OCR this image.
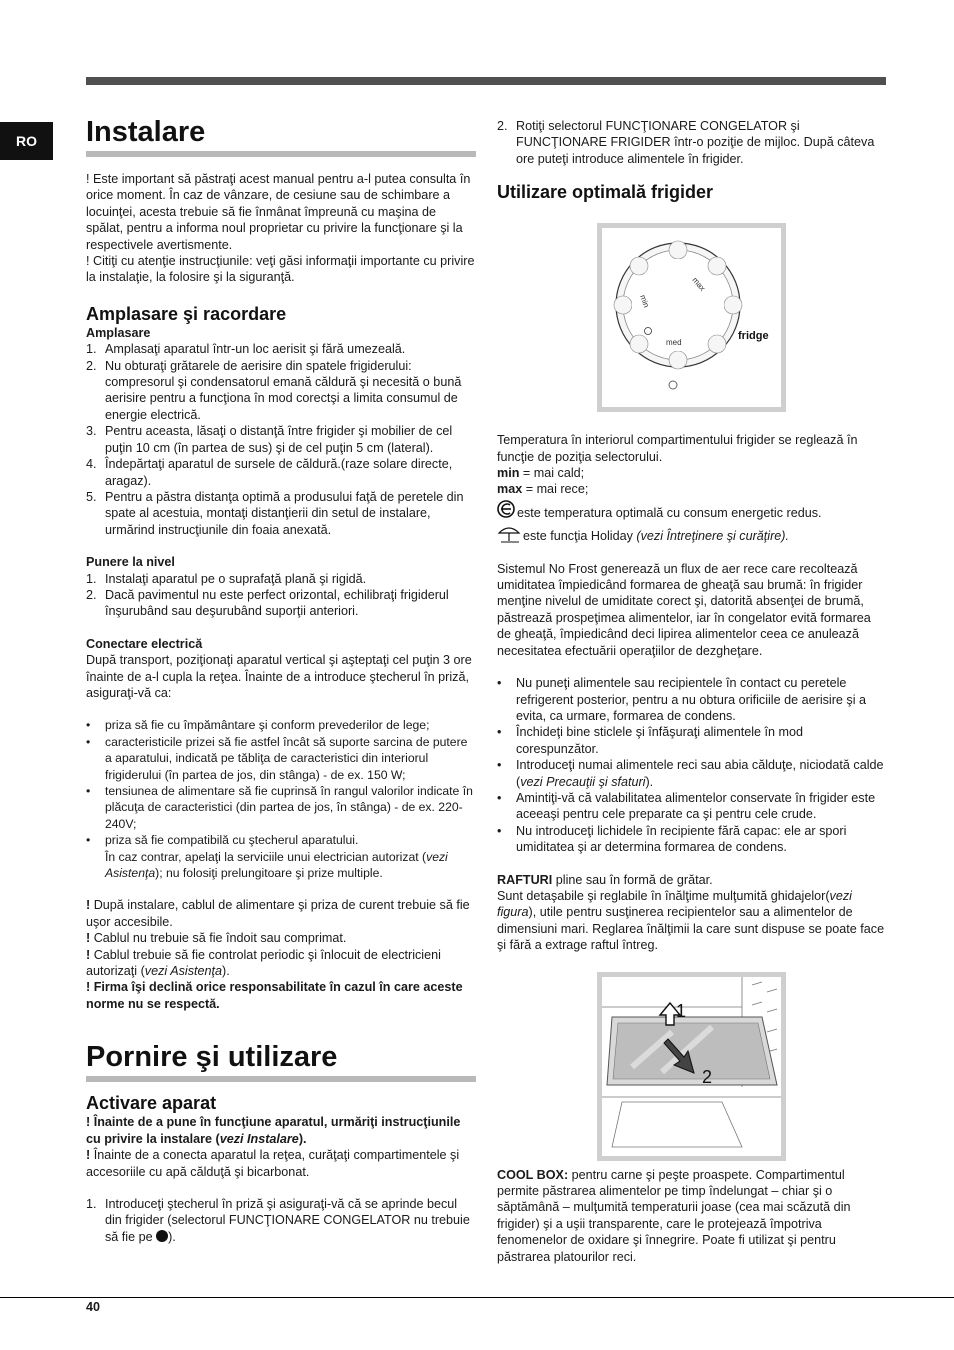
RO	Instalare

! Este important să păstraţi acest manual pentru a-l putea consulta în orice moment. În caz de vânzare, de cesiune sau de schimbare a locuinţei, acesta trebuie să fie înmânat împreună cu maşina de spălat, pentru a informa noul proprietar cu privire la funcţionare şi la respectivele avertismente.

! Citiţi cu atenţie instrucţiunile: veţi găsi informaţii importante cu privire la instalaţie, la folosire şi la siguranţă.

Amplasare şi racordare
Amplasare
1. Amplasaţi aparatul într-un loc aerisit şi fără umezeală.
2. Nu obturaţi grătarele de aerisire din spatele frigiderului: compresorul şi condensatorul emană căldură şi necesită o bună aerisire pentru a funcţiona în mod corectşi a limita consumul de energie electrică.
3. Pentru aceasta, lăsaţi o distanţă între frigider şi mobilier de cel puţin 10 cm (în partea de sus) şi de cel puţin 5 cm (lateral).
4. Îndepărtaţi aparatul de sursele de căldură.(raze solare directe, aragaz).
5. Pentru a păstra distanţa optimă a produsului faţă de peretele din spate al acestuia, montaţi distanţierii din setul de instalare, urmărind instrucţiunile din foaia anexată.
Punere la nivel
1. Instalaţi aparatul pe o suprafaţă plană şi rigidă.
2. Dacă pavimentul nu este perfect orizontal, echilibraţi frigiderul înşurubând sau deşurubând suporţii anteriori.
Conectare electrică

După transport, poziţionaţi aparatul vertical şi aşteptaţi cel puţin 3 ore înainte de a-l cupla la reţea. Înainte de a introduce ştecherul în priză, asiguraţi-vă ca:

• priza să fie cu împământare şi conform prevederilor de lege;
• caracteristicile prizei să fie astfel încât să suporte sarcina de putere a aparatului, indicată pe tăbliţa de caracteristici din interiorul frigiderului (în partea de jos, din stânga) - de ex. 150 W;
• tensiunea de alimentare să fie cuprinsă în rangul valorilor indicate în plăcuţa de caracteristici (din partea de jos, în stânga) - de ex. 220-240V;
• priza să fie compatibilă cu ştecherul aparatului.
În caz contrar, apelaţi la serviciile unui electrician autorizat (vezi Asistenţa); nu folosiţi prelungitoare şi prize multiple.

! După instalare, cablul de alimentare şi priza de curent trebuie să fie uşor accesibile.

! Cablul nu trebuie să fie îndoit sau comprimat.

! Cablul trebuie să fie controlat periodic şi înlocuit de electricieni autorizaţi (vezi Asistenţa).

! Firma îşi declină orice responsabilitate în cazul în care aceste norme nu se respectă.

Pornire şi utilizare
Activare aparat

! Înainte de a pune în funcţiune aparatul, urmăriţi instrucţiunile cu privire la instalare (vezi Instalare).

! Înainte de a conecta aparatul la reţea, curăţaţi compartimentele şi accesoriile cu apă călduţă şi bicarbonat.

1. Introduceţi ştecherul în priză şi asiguraţi-vă că se aprinde becul din frigider (selectorul FUNCŢIONARE CONGELATOR nu trebuie să fie pe ).
2. Rotiţi selectorul FUNCŢIONARE CONGELATOR şi FUNCŢIONARE FRIGIDER într-o poziţie de mijloc. După câteva ore puteţi introduce alimentele în frigider.
Utilizare optimală frigider
min
max
med
fridge

Temperatura în interiorul compartimentului frigider se reglează în funcţie de poziţia selectorului.

min = mai cald;

max = mai rece;

este temperatura optimală cu consum energetic redus.

este funcţia Holiday (vezi Întreţinere şi curăţire).

Sistemul No Frost generează un flux de aer rece care recoltează umiditatea împiedicând formarea de gheaţă sau brumă: în frigider menţine nivelul de umiditate corect şi, datorită absenţei de brumă, păstrează prospeţimea alimentelor, iar în congelator evită formarea de gheaţă, împiedicând deci lipirea alimentelor ceea ce anulează necesitatea efectuării operaţiilor de dezgheţare.

• Nu puneţi alimentele sau recipientele în contact cu peretele refrigerent posterior, pentru a nu obtura orificiile de aerisire şi a evita, ca urmare, formarea de condens.
• Închideţi bine sticlele şi înfăşuraţi alimentele în mod corespunzător.
• Introduceţi numai alimentele reci sau abia călduţe, niciodată calde (vezi Precauţii şi sfaturi).
• Amintiţi-vă că valabilitatea alimentelor conservate în frigider este aceeaşi pentru cele preparate ca şi pentru cele crude.
• Nu introduceţi lichidele în recipiente fără capac: ele ar spori umiditatea şi ar determina formarea de condens.

RAFTURI pline sau în formă de grătar.
Sunt detaşabile şi reglabile în înălţime mulţumită ghidajelor(vezi figura), utile pentru susţinerea recipientelor sau a alimentelor de dimensiuni mari. Reglarea înălţimii la care sunt dispuse se poate face şi fără a extrage raftul întreg.

1
2

COOL BOX: pentru carne şi peşte proaspete. Compartimentul permite păstrarea alimentelor pe timp îndelungat – chiar şi o săptămână – mulţumită temperaturii joase (cea mai scăzută din frigider) şi a uşii transparente, care le protejează împotriva fenomenelor de oxidare şi înnegrire. Poate fi utilizat şi pentru păstrarea platourilor reci.

40
